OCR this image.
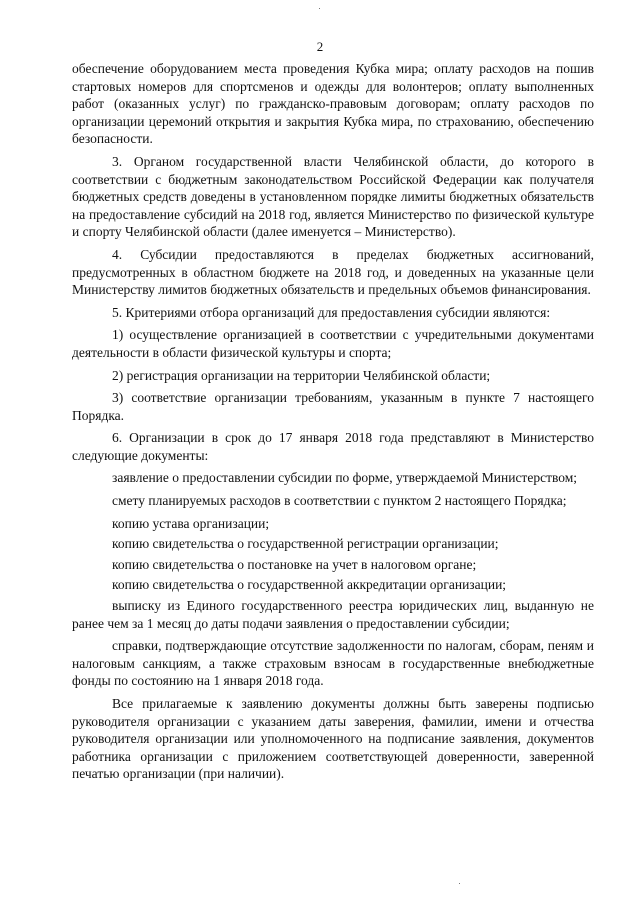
2

обеспечение оборудованием места проведения Кубка мира; оплату расходов на пошив стартовых номеров для спортсменов и одежды для волонтеров; оплату выполненных работ (оказанных услуг) по гражданско-правовым договорам; оплату расходов по организации церемоний открытия и закрытия Кубка мира, по страхованию, обеспечению безопасности.

3. Органом государственной власти Челябинской области, до которого в соответствии с бюджетным законодательством Российской Федерации как получателя бюджетных средств доведены в установленном порядке лимиты бюджетных обязательств на предоставление субсидий на 2018 год, является Министерство по физической культуре и спорту Челябинской области (далее именуется – Министерство).

4. Субсидии предоставляются в пределах бюджетных ассигнований, предусмотренных в областном бюджете на 2018 год, и доведенных на указанные цели Министерству лимитов бюджетных обязательств и предельных объемов финансирования.

5. Критериями отбора организаций для предоставления субсидии являются:

1) осуществление организацией в соответствии с учредительными документами деятельности в области физической культуры и спорта;

2) регистрация организации на территории Челябинской области;

3) соответствие организации требованиям, указанным в пункте 7 настоящего Порядка.

6. Организации в срок до 17 января 2018 года представляют в Министерство следующие документы:

заявление о предоставлении субсидии по форме, утверждаемой Министерством;

смету планируемых расходов в соответствии с пунктом 2 настоящего Порядка;

копию устава организации;

копию свидетельства о государственной регистрации организации;

копию свидетельства о постановке на учет в налоговом органе;

копию свидетельства о государственной аккредитации организации;

выписку из Единого государственного реестра юридических лиц, выданную не ранее чем за 1 месяц до даты подачи заявления о предоставлении субсидии;

справки, подтверждающие отсутствие задолженности по налогам, сборам, пеням и налоговым санкциям, а также страховым взносам в государственные внебюджетные фонды по состоянию на 1 января 2018 года.

Все прилагаемые к заявлению документы должны быть заверены подписью руководителя организации с указанием даты заверения, фамилии, имени и отчества руководителя организации или уполномоченного на подписание заявления, документов работника организации с приложением соответствующей доверенности, заверенной печатью организации (при наличии).
